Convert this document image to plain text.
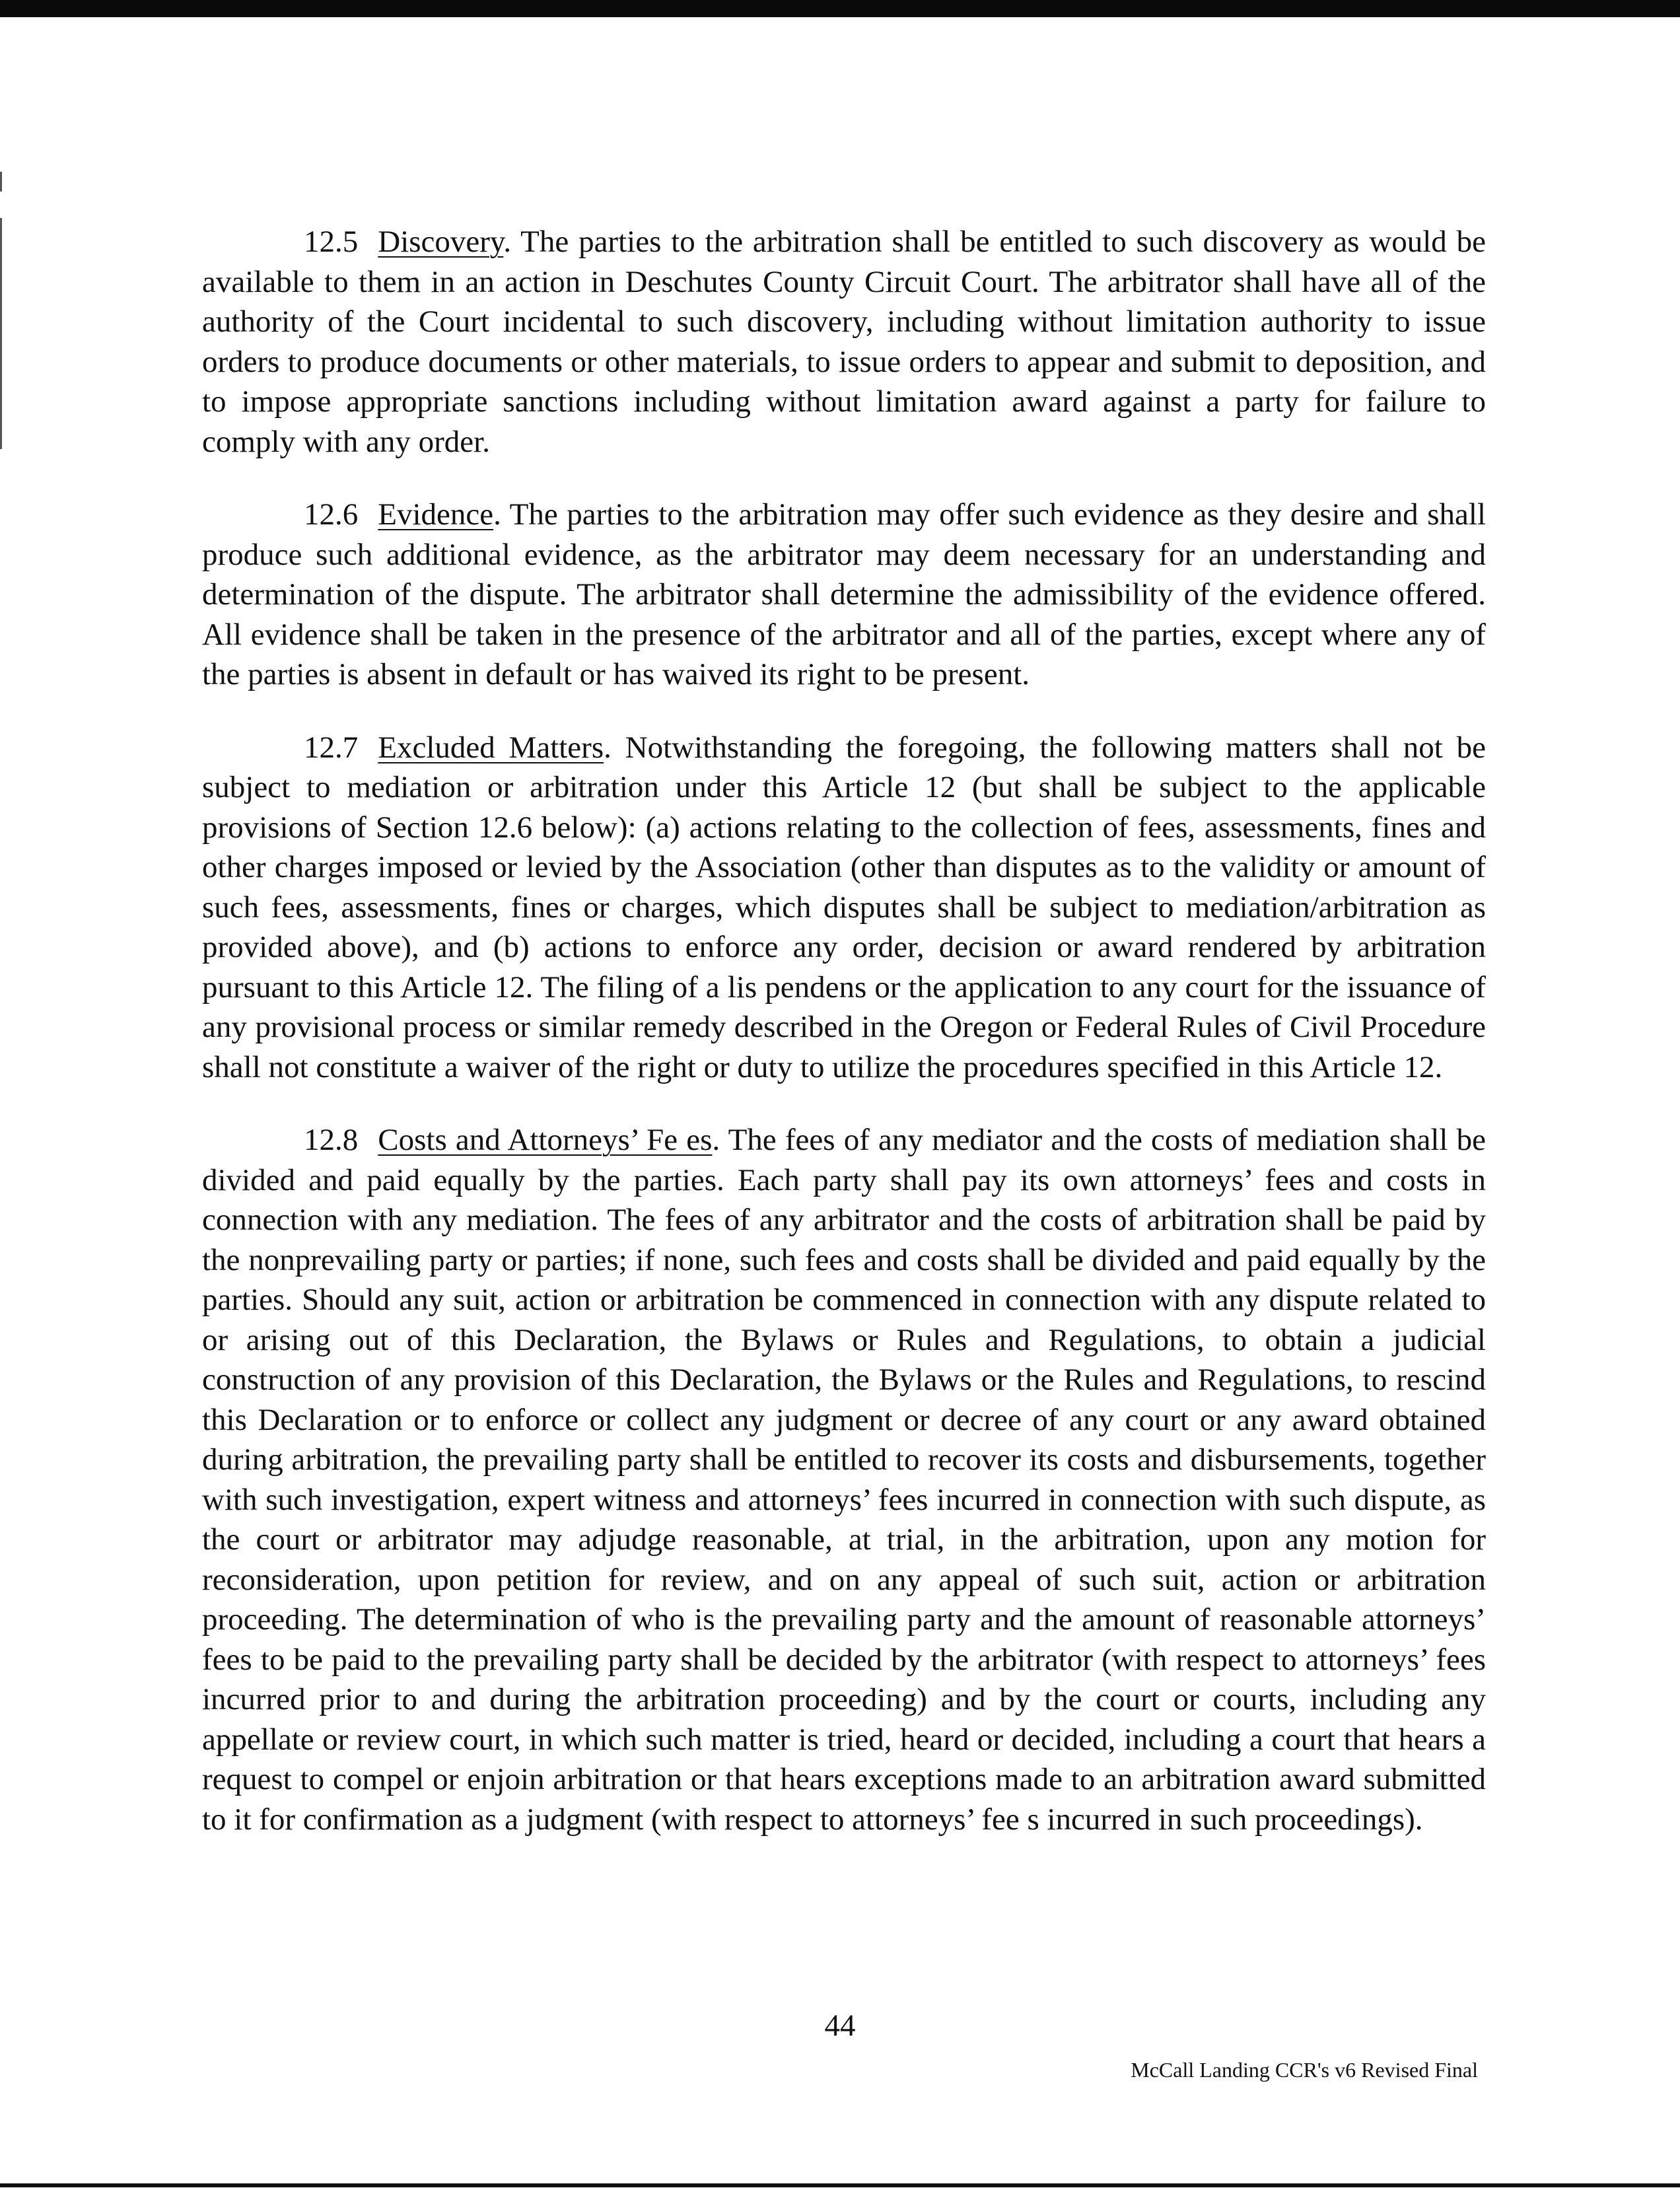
12.5 Discovery. The parties to the arbitration shall be entitled to such discovery as would be available to them in an action in Deschutes County Circuit Court. The arbitrator shall have all of the authority of the Court incidental to such discovery, including without limitation authority to issue orders to produce documents or other materials, to issue orders to appear and submit to deposition, and to impose appropriate sanctions including without limitation award against a party for failure to comply with any order.

12.6 Evidence. The parties to the arbitration may offer such evidence as they desire and shall produce such additional evidence, as the arbitrator may deem necessary for an understanding and determination of the dispute. The arbitrator shall determine the admissibility of the evidence offered. All evidence shall be taken in the presence of the arbitrator and all of the parties, except where any of the parties is absent in default or has waived its right to be present.

12.7 Excluded Matters. Notwithstanding the foregoing, the following matters shall not be subject to mediation or arbitration under this Article 12 (but shall be subject to the applicable provisions of Section 12.6 below): (a) actions relating to the collection of fees, assessments, fines and other charges imposed or levied by the Association (other than disputes as to the validity or amount of such fees, assessments, fines or charges, which disputes shall be subject to mediation/arbitration as provided above), and (b) actions to enforce any order, decision or award rendered by arbitration pursuant to this Article 12. The filing of a lis pendens or the application to any court for the issuance of any provisional process or similar remedy described in the Oregon or Federal Rules of Civil Procedure shall not constitute a waiver of the right or duty to utilize the procedures specified in this Article 12.

12.8 Costs and Attorneys’ Fe es. The fees of any mediator and the costs of mediation shall be divided and paid equally by the parties. Each party shall pay its own attorneys’ fees and costs in connection with any mediation. The fees of any arbitrator and the costs of arbitration shall be paid by the nonprevailing party or parties; if none, such fees and costs shall be divided and paid equally by the parties. Should any suit, action or arbitration be commenced in connection with any dispute related to or arising out of this Declaration, the Bylaws or Rules and Regulations, to obtain a judicial construction of any provision of this Declaration, the Bylaws or the Rules and Regulations, to rescind this Declaration or to enforce or collect any judgment or decree of any court or any award obtained during arbitration, the prevailing party shall be entitled to recover its costs and disbursements, together with such investigation, expert witness and attorneys’ fees incurred in connection with such dispute, as the court or arbitrator may adjudge reasonable, at trial, in the arbitration, upon any motion for reconsideration, upon petition for review, and on any appeal of such suit, action or arbitration proceeding. The determination of who is the prevailing party and the amount of reasonable attorneys’ fees to be paid to the prevailing party shall be decided by the arbitrator (with respect to attorneys’ fees incurred prior to and during the arbitration proceeding) and by the court or courts, including any appellate or review court, in which such matter is tried, heard or decided, including a court that hears a request to compel or enjoin arbitration or that hears exceptions made to an arbitration award submitted to it for confirmation as a judgment (with respect to attorneys’ fee s incurred in such proceedings).

44
McCall Landing CCR's v6 Revised Final
